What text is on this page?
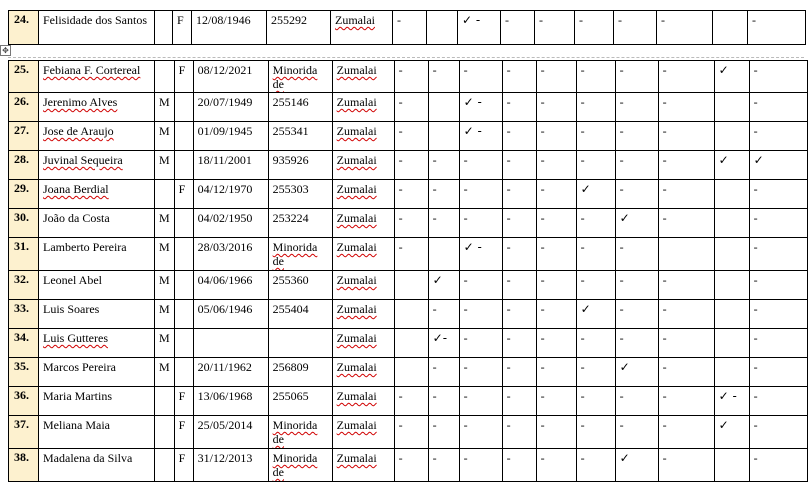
✥
24.	Felisidade dos Santos		F	12/08/1946	255292	Zumalai	-		✓ -	-	-	-	-	-		-
25.	Febiana F. Cortereal		F	08/12/2021	Minorida de	Zumalai	-	-	-	-	-	-	-	-	✓	-
26.	Jerenimo Alves	M		20/07/1949	255146	Zumalai	-		✓ -	-	-	-	-	-		-
27.	Jose de Araujo	M		01/09/1945	255341	Zumalai	-		✓ -	-	-	-	-	-		-
28.	Juvinal Sequeira	M		18/11/2001	935926	Zumalai	-	-	-	-	-	-	-	-	✓	✓
29.	Joana Berdial		F	04/12/1970	255303	Zumalai	-	-	-	-	-	✓	-	-		-
30.	João da Costa	M		04/02/1950	253224	Zumalai	-	-	-	-	-	-	✓	-		-
31.	Lamberto Pereira	M		28/03/2016	Minorida de	Zumalai	-		✓ -	-	-	-	-			-
32.	Leonel Abel	M		04/06/1966	255360	Zumalai		✓	-	-	-	-	-	-		-
33.	Luis Soares	M		05/06/1946	255404	Zumalai		-	-	-	-	✓	-	-		-
34.	Luis Gutteres	M				Zumalai		✓-	-	-	-	-	-	-		-
35.	Marcos Pereira	M		20/11/1962	256809	Zumalai		-	-	-	-	-	✓	-		-
36.	Maria Martins		F	13/06/1968	255065	Zumalai	-	-	-	-	-	-	-	-	✓ -	-
37.	Meliana Maia		F	25/05/2014	Minorida de	Zumalai	-	-	-	-	-	-	-	-	✓	-
38.	Madalena da Silva		F	31/12/2013	Minorida de	Zumalai	-	-	-	-	-	-	✓	-		-
